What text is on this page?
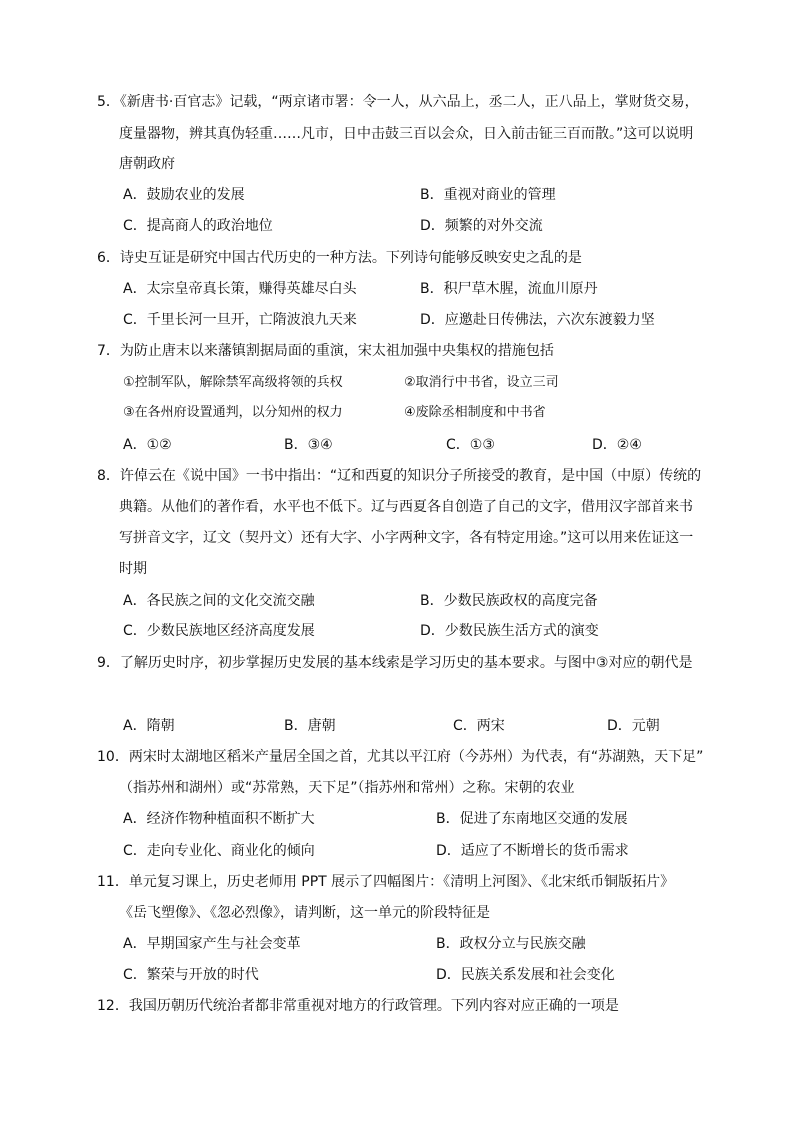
5．《新唐书·百官志》记载，“两京诸市署：令一人，从六品上，丞二人，正八品上，掌财货交易，
度量器物，辨其真伪轻重……凡市，日中击鼓三百以会众，日入前击钲三百而散。”这可以说明
唐朝政府
A．鼓励农业的发展	B．重视对商业的管理
C．提高商人的政治地位	D．频繁的对外交流
6．诗史互证是研究中国古代历史的一种方法。下列诗句能够反映安史之乱的是
A．太宗皇帝真长策，赚得英雄尽白头	B．积尸草木腥，流血川原丹
C．千里长河一旦开，亡隋波浪九天来	D．应邀赴日传佛法，六次东渡毅力坚
7．为防止唐末以来藩镇割据局面的重演，宋太祖加强中央集权的措施包括
①控制军队，解除禁军高级将领的兵权	②取消行中书省，设立三司
③在各州府设置通判，以分知州的权力	④废除丞相制度和中书省
A．①②	B．③④	C．①③	D．②④
8．许倬云在《说中国》一书中指出：“辽和西夏的知识分子所接受的教育，是中国（中原）传统的
典籍。从他们的著作看，水平也不低下。辽与西夏各自创造了自己的文字，借用汉字部首来书
写拼音文字，辽文（契丹文）还有大字、小字两种文字，各有特定用途。”这可以用来佐证这一
时期
A．各民族之间的文化交流交融	B．少数民族政权的高度完备
C．少数民族地区经济高度发展	D．少数民族生活方式的演变
9．了解历史时序，初步掌握历史发展的基本线索是学习历史的基本要求。与图中③对应的朝代是
A．隋朝	B．唐朝	C．两宋	D．元朝
10．两宋时太湖地区稻米产量居全国之首，尤其以平江府（今苏州）为代表，有“苏湖熟，天下足”
（指苏州和湖州）或“苏常熟，天下足”（指苏州和常州）之称。宋朝的农业
A．经济作物种植面积不断扩大	B．促进了东南地区交通的发展
C．走向专业化、商业化的倾向	D．适应了不断增长的货币需求
11．单元复习课上，历史老师用 PPT 展示了四幅图片：《清明上河图》、《北宋纸币铜版拓片》
《岳飞塑像》、《忽必烈像》，请判断，这一单元的阶段特征是
A．早期国家产生与社会变革	B．政权分立与民族交融
C．繁荣与开放的时代	D．民族关系发展和社会变化
12．我国历朝历代统治者都非常重视对地方的行政管理。下列内容对应正确的一项是
